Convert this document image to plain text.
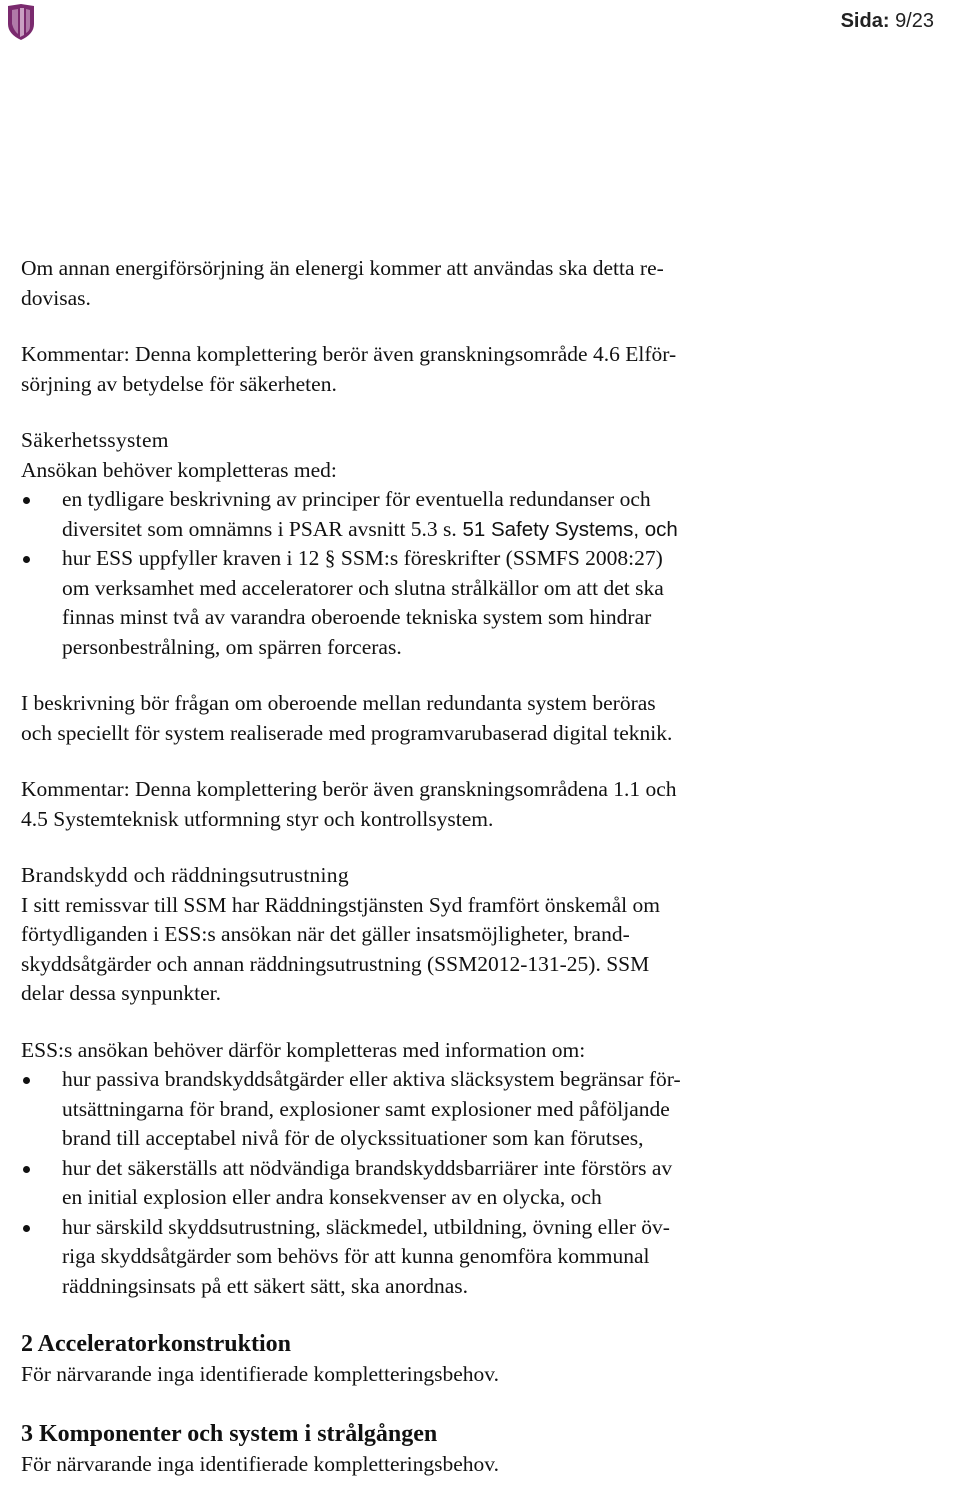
Sida: 9/23

Om annan energiförsörjning än elenergi kommer att användas ska detta re-

dovisas.

Kommentar: Denna komplettering berör även granskningsområde 4.6 Elför-

sörjning av betydelse för säkerheten.

Säkerhetssystem

Ansökan behöver kompletteras med:

en tydligare beskrivning av principer för eventuella redundanser och
diversitet som omnämns i PSAR avsnitt 5.3 s. 51 Safety Systems, och
hur ESS uppfyller kraven i 12 § SSM:s föreskrifter (SSMFS 2008:27)
om verksamhet med acceleratorer och slutna strålkällor om att det ska
finnas minst två av varandra oberoende tekniska system som hindrar
personbestrålning, om spärren forceras.

I beskrivning bör frågan om oberoende mellan redundanta system beröras

och speciellt för system realiserade med programvarubaserad digital teknik.

Kommentar: Denna komplettering berör även granskningsområdena 1.1 och

4.5 Systemteknisk utformning styr och kontrollsystem.

Brandskydd och räddningsutrustning

I sitt remissvar till SSM har Räddningstjänsten Syd framfört önskemål om

förtydliganden i ESS:s ansökan när det gäller insatsmöjligheter, brand-

skyddsåtgärder och annan räddningsutrustning (SSM2012-131-25). SSM

delar dessa synpunkter.

ESS:s ansökan behöver därför kompletteras med information om:

hur passiva brandskyddsåtgärder eller aktiva släcksystem begränsar för-
utsättningarna för brand, explosioner samt explosioner med påföljande
brand till acceptabel nivå för de olyckssituationer som kan förutses,
hur det säkerställs att nödvändiga brandskyddsbarriärer inte förstörs av
en initial explosion eller andra konsekvenser av en olycka, och
hur särskild skyddsutrustning, släckmedel, utbildning, övning eller öv-
riga skyddsåtgärder som behövs för att kunna genomföra kommunal
räddningsinsats på ett säkert sätt, ska anordnas.
2 Acceleratorkonstruktion

För närvarande inga identifierade kompletteringsbehov.

3 Komponenter och system i strålgången

För närvarande inga identifierade kompletteringsbehov.
